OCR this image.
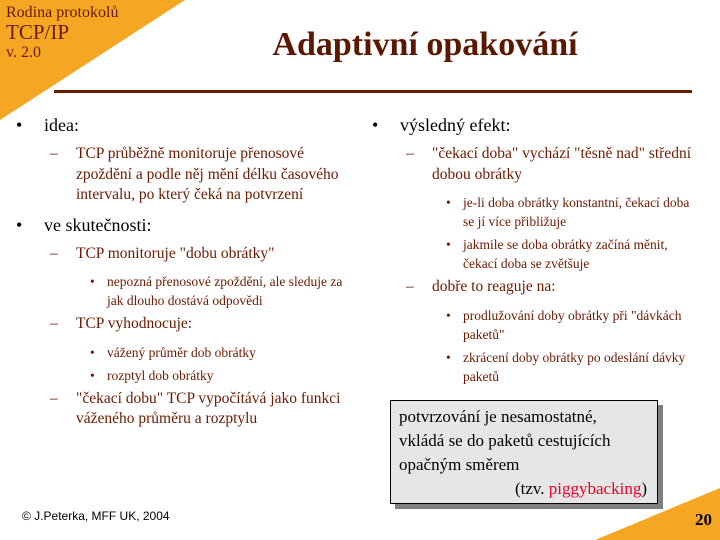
Rodina protokolů
TCP/IP
v. 2.0	Adaptivní opakování
• idea:
– TCP průběžně monitoruje přenosové zpoždění a podle něj mění délku časového intervalu, po který čeká na potvrzení
• ve skutečnosti:
– TCP monitoruje "dobu obrátky"
• nepozná přenosové zpoždění, ale sleduje za jak dlouho dostává odpovědi
– TCP vyhodnocuje:
• vážený průměr dob obrátky
• rozptyl dob obrátky
– "čekací dobu" TCP vypočítává jako funkci váženého průměru a rozptylu
• výsledný efekt:
– "čekací doba" vychází "těsně nad" střední dobou obrátky
• je-li doba obrátky konstantní, čekací doba se jí více přibližuje
• jakmile se doba obrátky začíná měnit, čekací doba se zvětšuje
– dobře to reaguje na:
• prodlužování doby obrátky při "dávkách paketů"
• zkrácení doby obrátky po odeslání dávky paketů
potvrzování je nesamostatné,
vkládá se do paketů cestujících
opačným směrem
(tzv. piggybacking)
© J.Peterka, MFF UK, 2004	20
